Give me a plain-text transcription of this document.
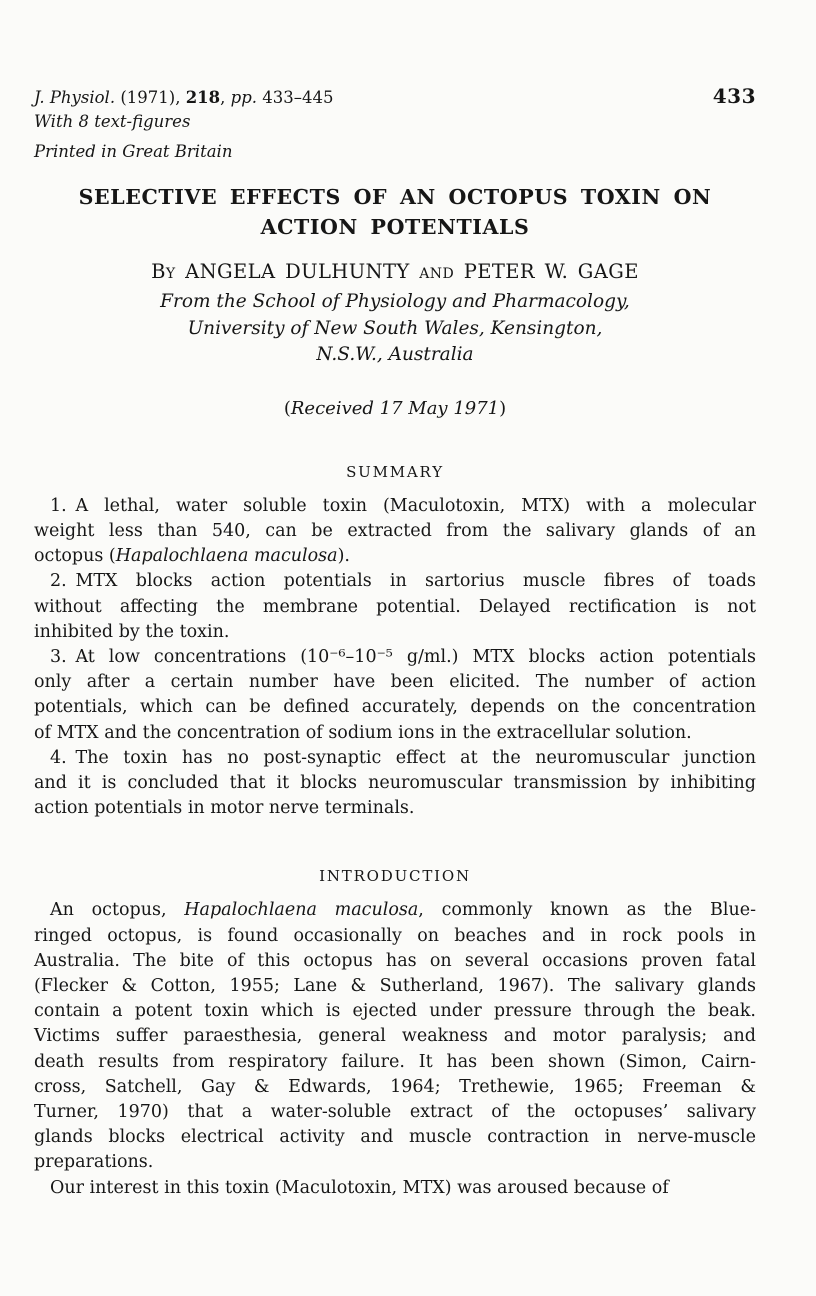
J. Physiol. (1971), 218, pp. 433–445	433
With 8 text-figures
Printed in Great Britain
SELECTIVE EFFECTS OF AN OCTOPUS TOXIN ON
ACTION POTENTIALS
By ANGELA DULHUNTY and PETER W. GAGE
From the School of Physiology and Pharmacology,
University of New South Wales, Kensington,
N.S.W., Australia
(Received 17 May 1971)
SUMMARY
1. A lethal, water soluble toxin (Maculotoxin, MTX) with a molecular
weight less than 540, can be extracted from the salivary glands of an
octopus (Hapalochlaena maculosa).
2. MTX blocks action potentials in sartorius muscle fibres of toads
without affecting the membrane potential. Delayed rectification is not
inhibited by the toxin.
3. At low concentrations (10⁻⁶–10⁻⁵ g/ml.) MTX blocks action potentials
only after a certain number have been elicited. The number of action
potentials, which can be defined accurately, depends on the concentration
of MTX and the concentration of sodium ions in the extracellular solution.
4. The toxin has no post-synaptic effect at the neuromuscular junction
and it is concluded that it blocks neuromuscular transmission by inhibiting
action potentials in motor nerve terminals.
INTRODUCTION
An octopus, Hapalochlaena maculosa, commonly known as the Blue-
ringed octopus, is found occasionally on beaches and in rock pools in
Australia. The bite of this octopus has on several occasions proven fatal
(Flecker & Cotton, 1955; Lane & Sutherland, 1967). The salivary glands
contain a potent toxin which is ejected under pressure through the beak.
Victims suffer paraesthesia, general weakness and motor paralysis; and
death results from respiratory failure. It has been shown (Simon, Cairn-
cross, Satchell, Gay & Edwards, 1964; Trethewie, 1965; Freeman &
Turner, 1970) that a water-soluble extract of the octopuses’ salivary
glands blocks electrical activity and muscle contraction in nerve-muscle
preparations.
Our interest in this toxin (Maculotoxin, MTX) was aroused because of
